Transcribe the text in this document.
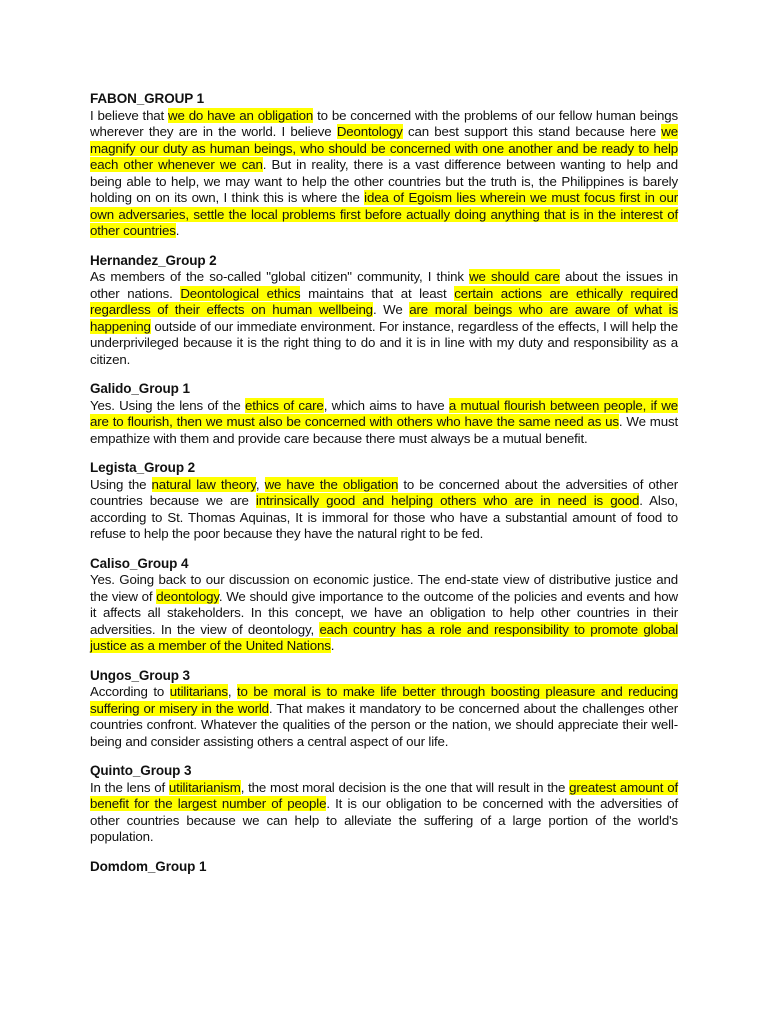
FABON_GROUP 1
I believe that we do have an obligation to be concerned with the problems of our fellow human beings wherever they are in the world. I believe Deontology can best support this stand because here we magnify our duty as human beings, who should be concerned with one another and be ready to help each other whenever we can. But in reality, there is a vast difference between wanting to help and being able to help, we may want to help the other countries but the truth is, the Philippines is barely holding on on its own, I think this is where the idea of Egoism lies wherein we must focus first in our own adversaries, settle the local problems first before actually doing anything that is in the interest of other countries.
Hernandez_Group 2
As members of the so-called "global citizen" community, I think we should care about the issues in other nations. Deontological ethics maintains that at least certain actions are ethically required regardless of their effects on human wellbeing. We are moral beings who are aware of what is happening outside of our immediate environment. For instance, regardless of the effects, I will help the underprivileged because it is the right thing to do and it is in line with my duty and responsibility as a citizen.
Galido_Group 1
Yes. Using the lens of the ethics of care, which aims to have a mutual flourish between people, if we are to flourish, then we must also be concerned with others who have the same need as us. We must empathize with them and provide care because there must always be a mutual benefit.
Legista_Group 2
Using the natural law theory, we have the obligation to be concerned about the adversities of other countries because we are intrinsically good and helping others who are in need is good. Also, according to St. Thomas Aquinas, It is immoral for those who have a substantial amount of food to refuse to help the poor because they have the natural right to be fed.
Caliso_Group 4
Yes. Going back to our discussion on economic justice. The end-state view of distributive justice and the view of deontology. We should give importance to the outcome of the policies and events and how it affects all stakeholders. In this concept, we have an obligation to help other countries in their adversities. In the view of deontology, each country has a role and responsibility to promote global justice as a member of the United Nations.
Ungos_Group 3
According to utilitarians, to be moral is to make life better through boosting pleasure and reducing suffering or misery in the world. That makes it mandatory to be concerned about the challenges other countries confront. Whatever the qualities of the person or the nation, we should appreciate their well-being and consider assisting others a central aspect of our life.
Quinto_Group 3
In the lens of utilitarianism, the most moral decision is the one that will result in the greatest amount of benefit for the largest number of people. It is our obligation to be concerned with the adversities of other countries because we can help to alleviate the suffering of a large portion of the world's population.
Domdom_Group 1
